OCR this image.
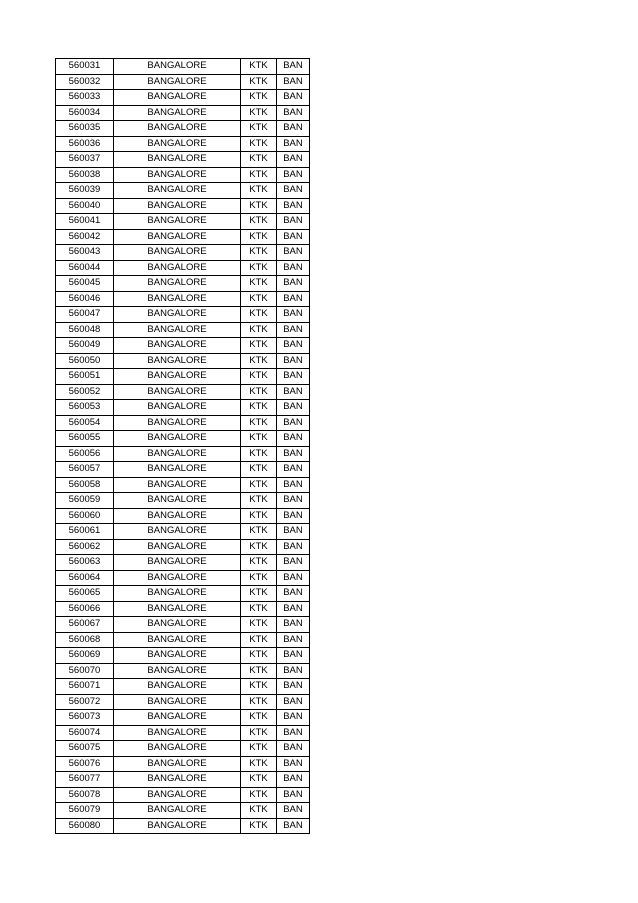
560031	BANGALORE	KTK	BAN
560032	BANGALORE	KTK	BAN
560033	BANGALORE	KTK	BAN
560034	BANGALORE	KTK	BAN
560035	BANGALORE	KTK	BAN
560036	BANGALORE	KTK	BAN
560037	BANGALORE	KTK	BAN
560038	BANGALORE	KTK	BAN
560039	BANGALORE	KTK	BAN
560040	BANGALORE	KTK	BAN
560041	BANGALORE	KTK	BAN
560042	BANGALORE	KTK	BAN
560043	BANGALORE	KTK	BAN
560044	BANGALORE	KTK	BAN
560045	BANGALORE	KTK	BAN
560046	BANGALORE	KTK	BAN
560047	BANGALORE	KTK	BAN
560048	BANGALORE	KTK	BAN
560049	BANGALORE	KTK	BAN
560050	BANGALORE	KTK	BAN
560051	BANGALORE	KTK	BAN
560052	BANGALORE	KTK	BAN
560053	BANGALORE	KTK	BAN
560054	BANGALORE	KTK	BAN
560055	BANGALORE	KTK	BAN
560056	BANGALORE	KTK	BAN
560057	BANGALORE	KTK	BAN
560058	BANGALORE	KTK	BAN
560059	BANGALORE	KTK	BAN
560060	BANGALORE	KTK	BAN
560061	BANGALORE	KTK	BAN
560062	BANGALORE	KTK	BAN
560063	BANGALORE	KTK	BAN
560064	BANGALORE	KTK	BAN
560065	BANGALORE	KTK	BAN
560066	BANGALORE	KTK	BAN
560067	BANGALORE	KTK	BAN
560068	BANGALORE	KTK	BAN
560069	BANGALORE	KTK	BAN
560070	BANGALORE	KTK	BAN
560071	BANGALORE	KTK	BAN
560072	BANGALORE	KTK	BAN
560073	BANGALORE	KTK	BAN
560074	BANGALORE	KTK	BAN
560075	BANGALORE	KTK	BAN
560076	BANGALORE	KTK	BAN
560077	BANGALORE	KTK	BAN
560078	BANGALORE	KTK	BAN
560079	BANGALORE	KTK	BAN
560080	BANGALORE	KTK	BAN
